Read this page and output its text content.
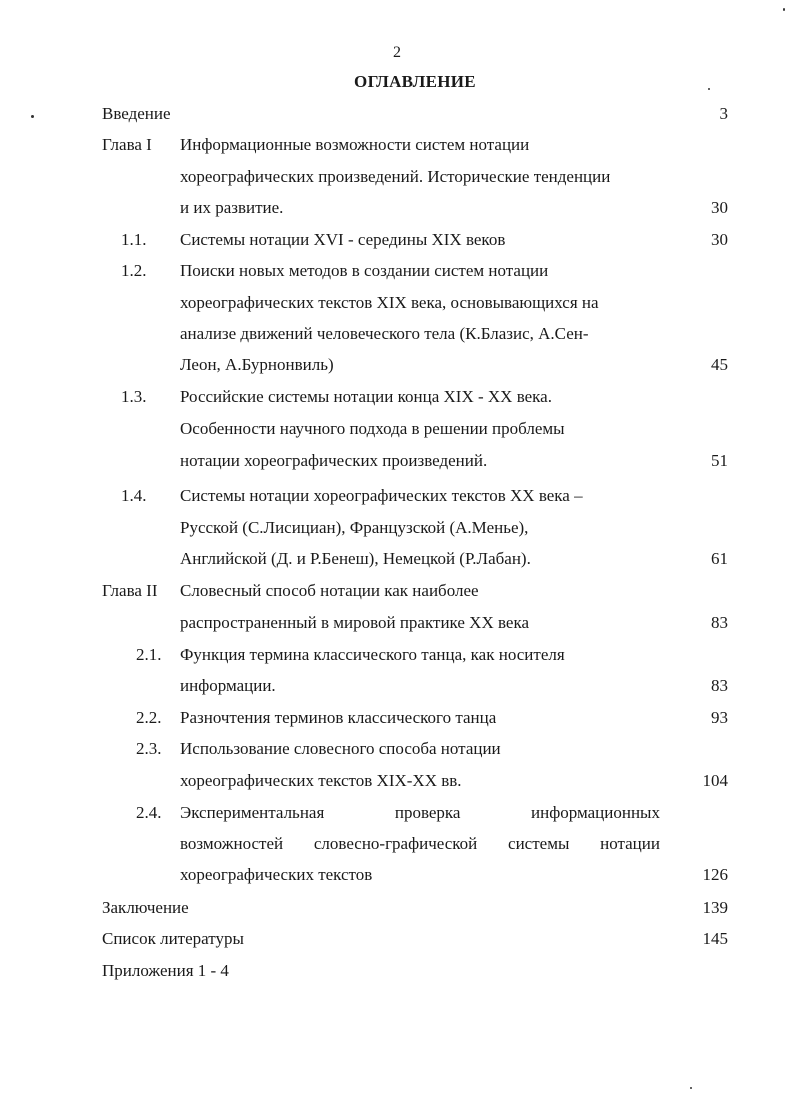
2
ОГЛАВЛЕНИЕ
Введение	3
Глава I Информационные возможности систем нотации
хореографических произведений. Исторические тенденции
и их развитие.	30
1.1. Системы нотации XVI - середины XIX веков	30
1.2. Поиски новых методов в создании систем нотации
хореографических текстов XIX века, основывающихся на
анализе движений человеческого тела (К.Блазис, А.Сен-
Леон, А.Бурнонвиль)	45
1.3. Российские системы нотации конца XIX - XX века.
Особенности научного подхода в решении проблемы
нотации хореографических произведений.	51
1.4. Системы нотации хореографических текстов XX века –
Русской (С.Лисициан), Французской (А.Менье),
Английской (Д. и Р.Бенеш), Немецкой (Р.Лабан).	61
Глава II Словесный способ нотации как наиболее
распространенный в мировой практике XX века	83
2.1. Функция термина классического танца, как носителя
информации.	83
2.2. Разночтения терминов классического танца	93
2.3. Использование словесного способа нотации
хореографических текстов XIX-XX вв.	104
2.4. Экспериментальная	проверка	информационных
возможностей словесно-графической системы нотации
хореографических текстов	126
Заключение	139
Список литературы	145
Приложения 1 - 4
